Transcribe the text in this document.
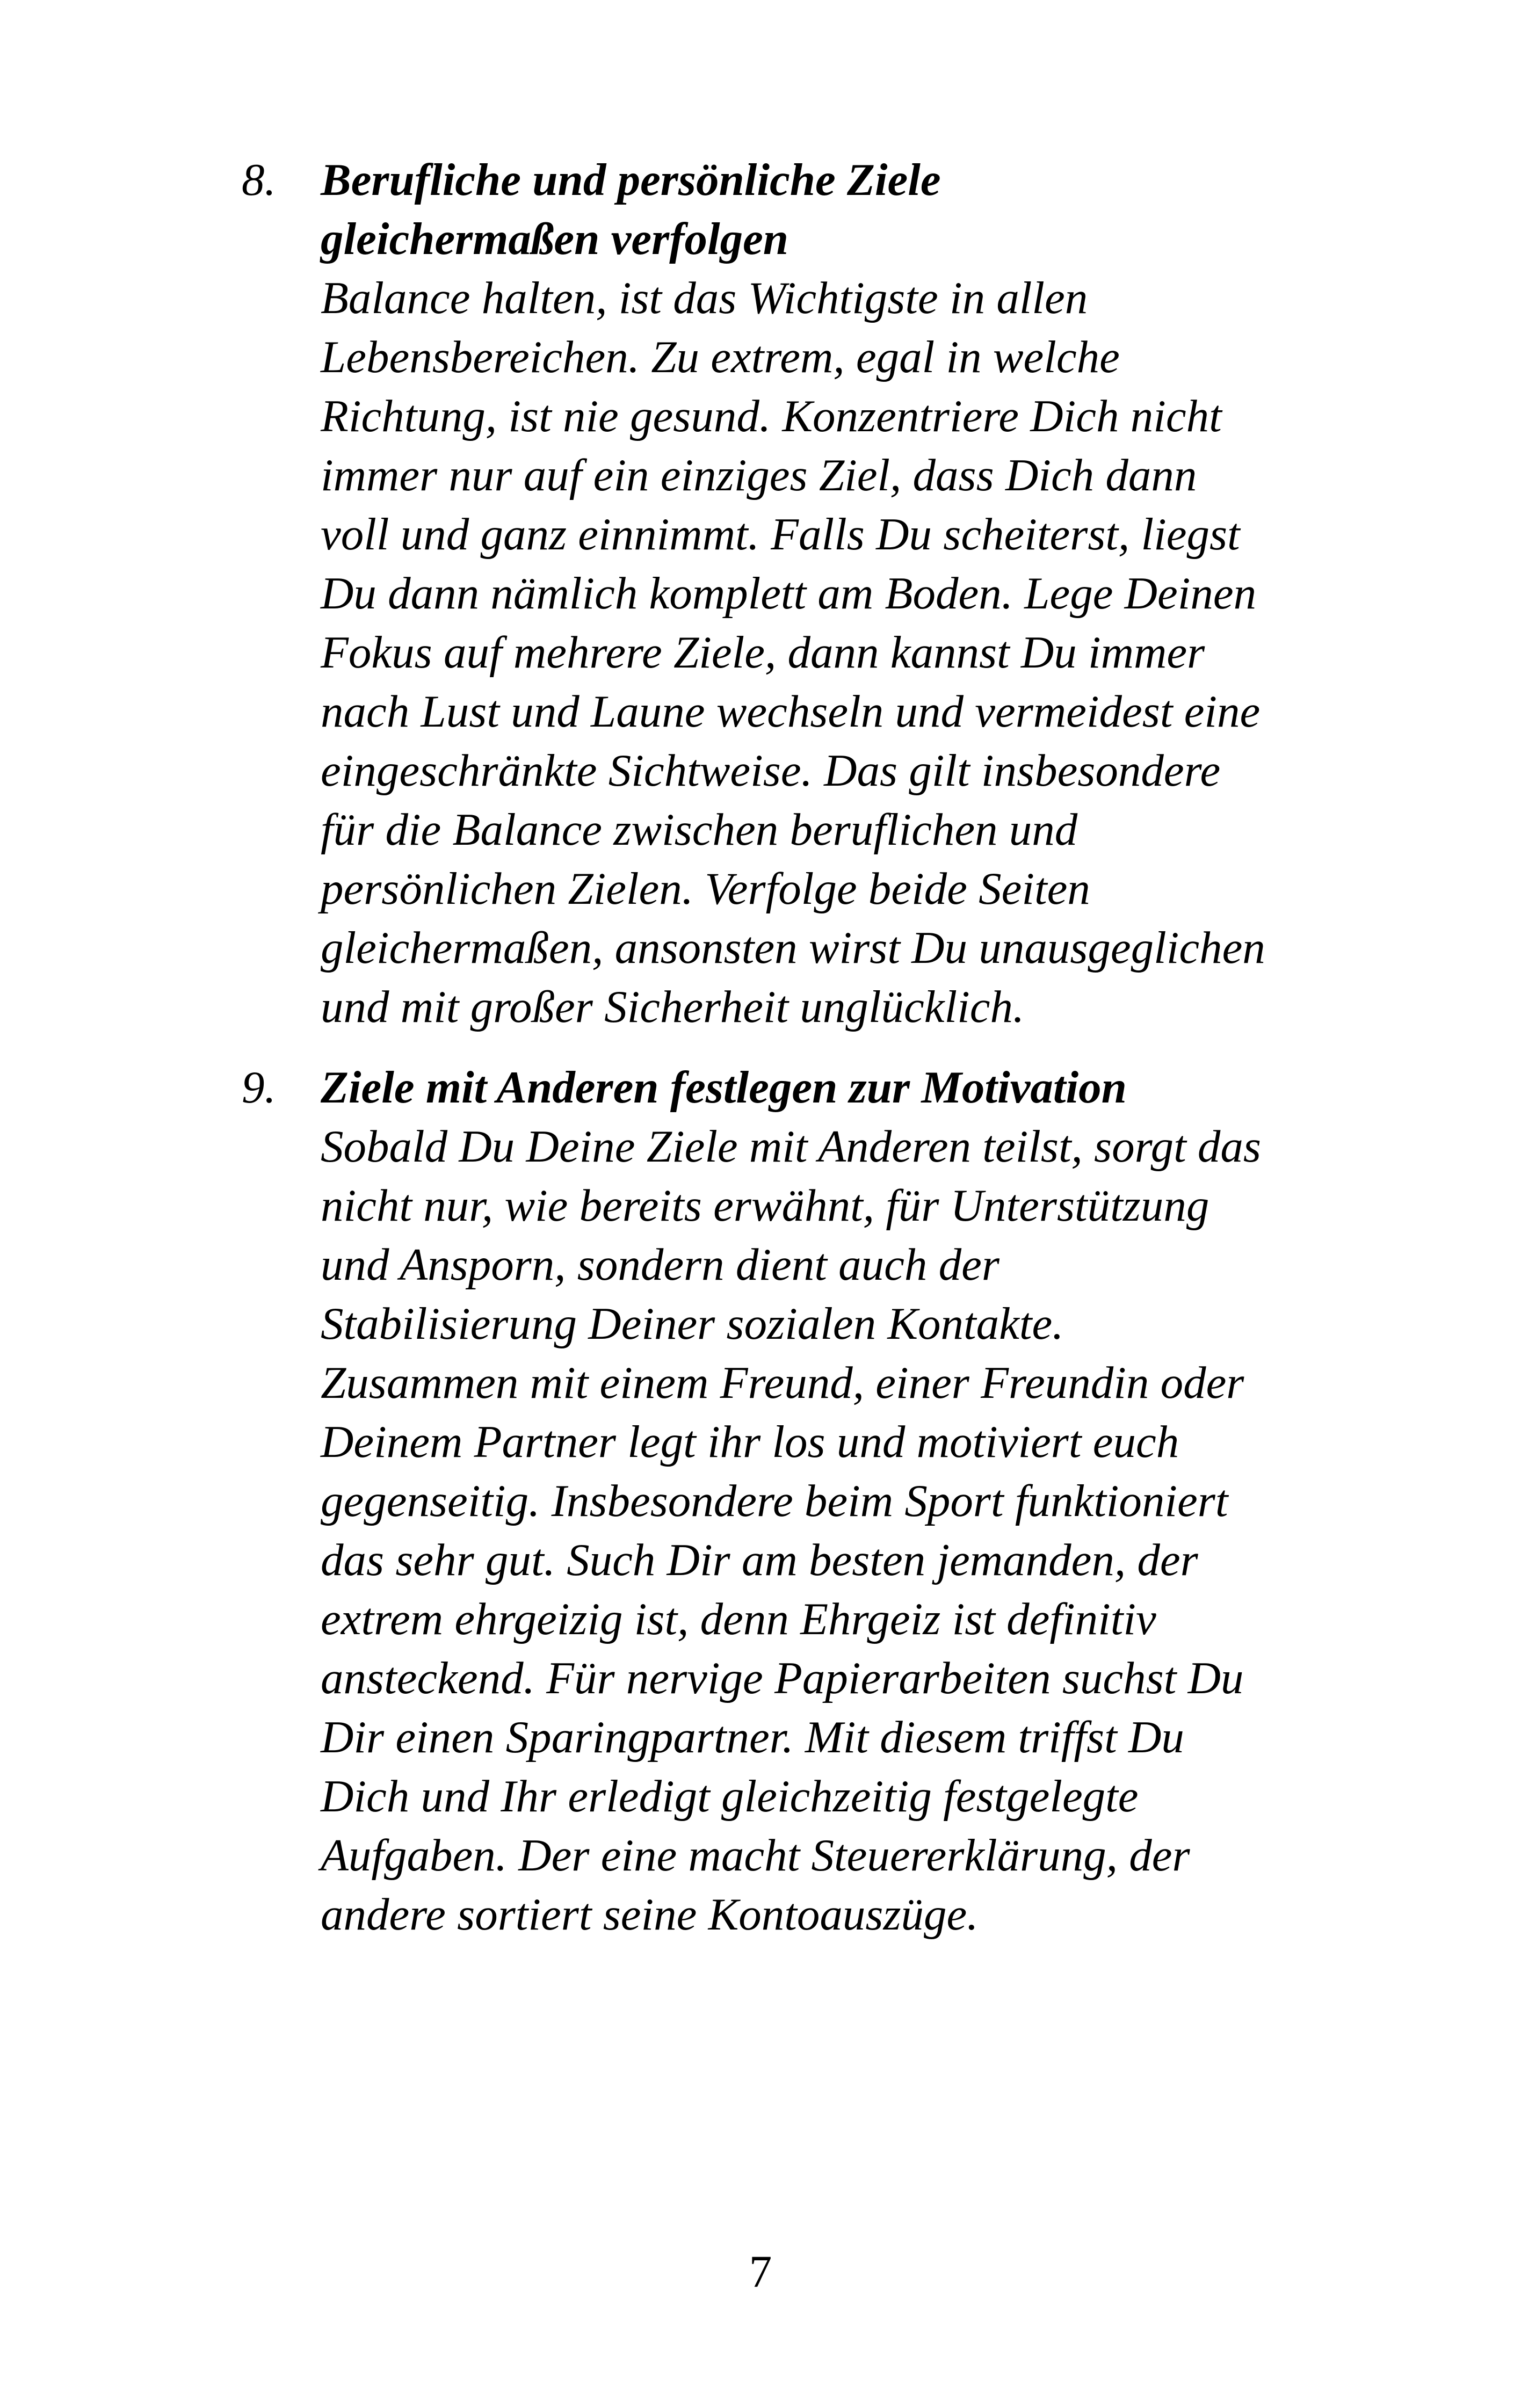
8. Berufliche und persönliche Ziele
gleichermaßen verfolgen
Balance halten, ist das Wichtigste in allen
Lebensbereichen. Zu extrem, egal in welche
Richtung, ist nie gesund. Konzentriere Dich nicht
immer nur auf ein einziges Ziel, dass Dich dann
voll und ganz einnimmt. Falls Du scheiterst, liegst
Du dann nämlich komplett am Boden. Lege Deinen
Fokus auf mehrere Ziele, dann kannst Du immer
nach Lust und Laune wechseln und vermeidest eine
eingeschränkte Sichtweise. Das gilt insbesondere
für die Balance zwischen beruflichen und
persönlichen Zielen. Verfolge beide Seiten
gleichermaßen, ansonsten wirst Du unausgeglichen
und mit großer Sicherheit unglücklich.
9. Ziele mit Anderen festlegen zur Motivation
Sobald Du Deine Ziele mit Anderen teilst, sorgt das
nicht nur, wie bereits erwähnt, für Unterstützung
und Ansporn, sondern dient auch der
Stabilisierung Deiner sozialen Kontakte.
Zusammen mit einem Freund, einer Freundin oder
Deinem Partner legt ihr los und motiviert euch
gegenseitig. Insbesondere beim Sport funktioniert
das sehr gut. Such Dir am besten jemanden, der
extrem ehrgeizig ist, denn Ehrgeiz ist definitiv
ansteckend. Für nervige Papierarbeiten suchst Du
Dir einen Sparingpartner. Mit diesem triffst Du
Dich und Ihr erledigt gleichzeitig festgelegte
Aufgaben. Der eine macht Steuererklärung, der
andere sortiert seine Kontoauszüge.
7
